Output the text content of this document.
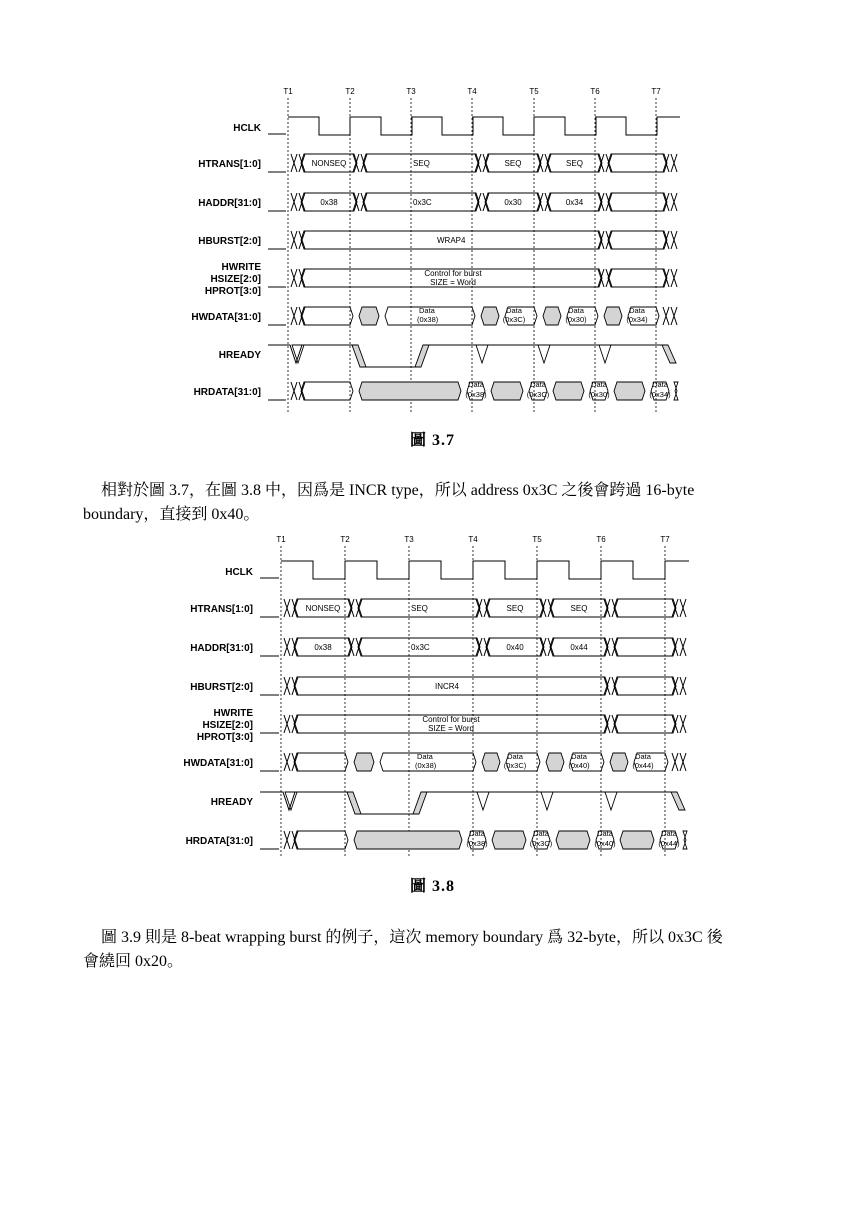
T1	T2	T3	T4	T5	T6	T7
HCLK
HTRANS[1:0]
HADDR[31:0]
HBURST[2:0]
HWRITE
HSIZE[2:0]
HPROT[3:0]
HWDATA[31:0]
HREADY
HRDATA[31:0]
NONSEQ	SEQ	SEQ	SEQ
0x38	0x3C	0x30	0x34
WRAP4
Control for burst
SIZE = Word
Data
(0x38)
Data
(0x3C)
Data
(0x30)
Data
(0x34)
Data
(0x38)
Data
(0x3C)
Data
(0x30)
Data
(0x34)
圖 3.7
相對於圖 3.7，在圖 3.8 中，因爲是 INCR type，所以 address 0x3C 之後會跨過 16-byte
boundary，直接到 0x40。
T1	T2	T3	T4	T5	T6	T7
HCLK
HTRANS[1:0]
HADDR[31:0]
HBURST[2:0]
HWRITE
HSIZE[2:0]
HPROT[3:0]
HWDATA[31:0]
HREADY
HRDATA[31:0]
NONSEQ	SEQ	SEQ	SEQ
0x38	0x3C	0x40	0x44
INCR4
Control for burst
SIZE = Word
Data
(0x38)
Data
(0x3C)
Data
(0x40)
Data
(0x44)
Data
(0x38)
Data
(0x3C)
Data
(0x40)
Data
(0x44)
圖 3.8
圖 3.9 則是 8-beat wrapping burst 的例子，這次 memory boundary 爲 32-byte，所以 0x3C 後
會繞回 0x20。
